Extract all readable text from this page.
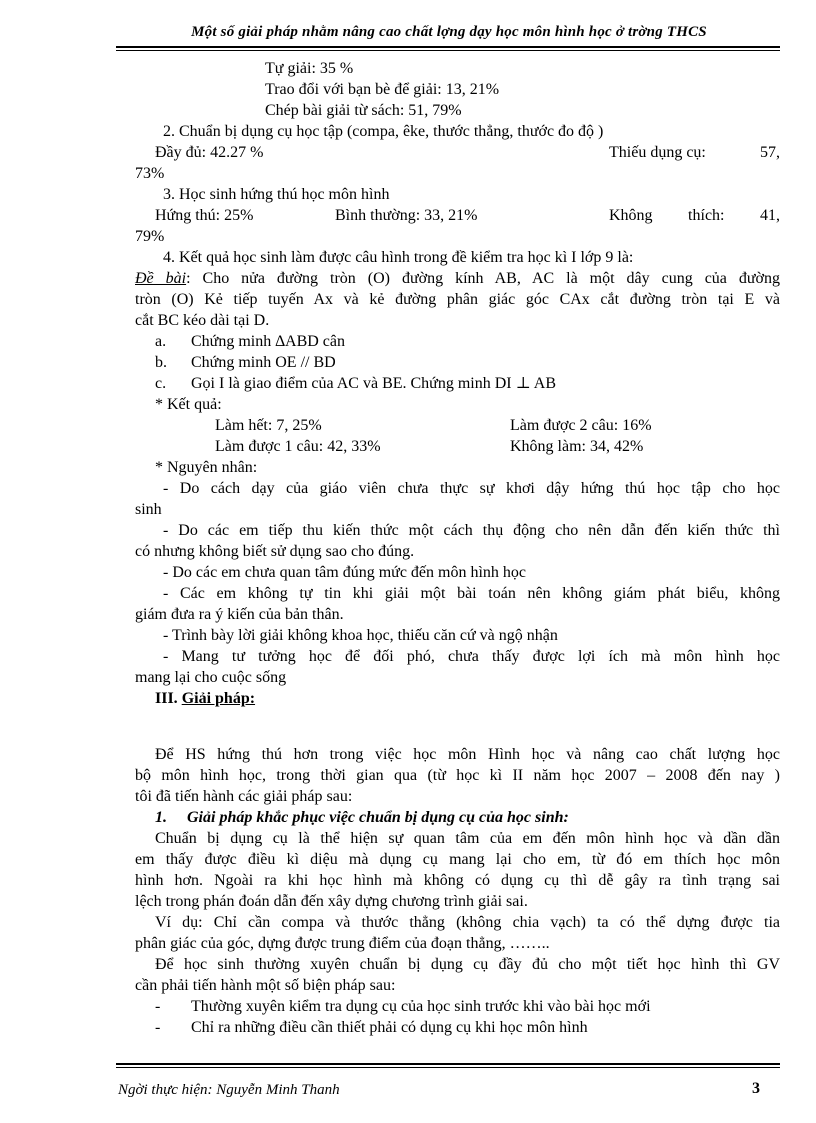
Một số giải pháp nhằm nâng cao chất lợng dạy học môn hình học ở trờng THCS
Tự giải: 35 %
Trao đổi với bạn bè để giải: 13, 21%
Chép bài giải từ sách: 51, 79%
2. Chuẩn bị dụng cụ học tập (compa, êke, thước thẳng, thước đo độ )
Đầy đủ: 42.27 %	Thiếu dụng cụ:	57,
73%
3. Học sinh hứng thú học môn hình
Hứng thú: 25%	Bình thường: 33, 21%	Không thích: 41,
79%
4. Kết quả học sinh làm được câu hình trong đề kiểm tra học kì I lớp 9 là:
Đề bài: Cho nửa đường tròn (O) đường kính AB, AC là một dây cung của đường
tròn (O) Kẻ tiếp tuyến Ax và kẻ đường phân giác góc CAx cắt đường tròn tại E và
cắt BC kéo dài tại D.
a.	Chứng minh ∆ABD cân
b.	Chứng minh OE // BD
c.	Gọi I là giao điểm của AC và BE. Chứng minh DI ⊥ AB
* Kết quả:
Làm hết: 7, 25%	Làm được 2 câu: 16%
Làm được 1 câu: 42, 33%	Không làm: 34, 42%
* Nguyên nhân:
- Do cách dạy của giáo viên chưa thực sự khơi dậy hứng thú học tập cho học
sinh
- Do các em tiếp thu kiến thức một cách thụ động cho nên dẫn đến kiến thức thì
có nhưng không biết sử dụng sao cho đúng.
- Do các em chưa quan tâm đúng mức đến môn hình học
- Các em không tự tin khi giải một bài toán nên không giám phát biểu, không
giám đưa ra ý kiến của bản thân.
- Trình bày lời giải không khoa học, thiếu căn cứ và ngộ nhận
- Mang tư tưởng học để đối phó, chưa thấy được lợi ích mà môn hình học
mang lại cho cuộc sống
III. Giải pháp:
Để HS hứng thú hơn trong việc học môn Hình học và nâng cao chất lượng học
bộ môn hình học, trong thời gian qua (từ học kì II năm học 2007 – 2008 đến nay )
tôi đã tiến hành các giải pháp sau:
1.	Giải pháp khắc phục việc chuẩn bị dụng cụ của học sinh:
Chuẩn bị dụng cụ là thể hiện sự quan tâm của em đến môn hình học và dần dần
em thấy được điều kì diệu mà dụng cụ mang lại cho em, từ đó em thích học môn
hình hơn. Ngoài ra khi học hình mà không có dụng cụ thì dễ gây ra tình trạng sai
lệch trong phán đoán dẫn đến xây dựng chương trình giải sai.
Ví dụ: Chỉ cần compa và thước thẳng (không chia vạch) ta có thể dựng được tia
phân giác của góc, dựng được trung điểm của đoạn thẳng, ……..
Để học sinh thường xuyên chuẩn bị dụng cụ đầy đủ cho một tiết học hình thì GV
cần phải tiến hành một số biện pháp sau:
-	Thường xuyên kiểm tra dụng cụ của học sinh trước khi vào bài học mới
-	Chỉ ra những điều cần thiết phải có dụng cụ khi học môn hình
Ngời thực hiện: Nguyễn Minh Thanh	3
